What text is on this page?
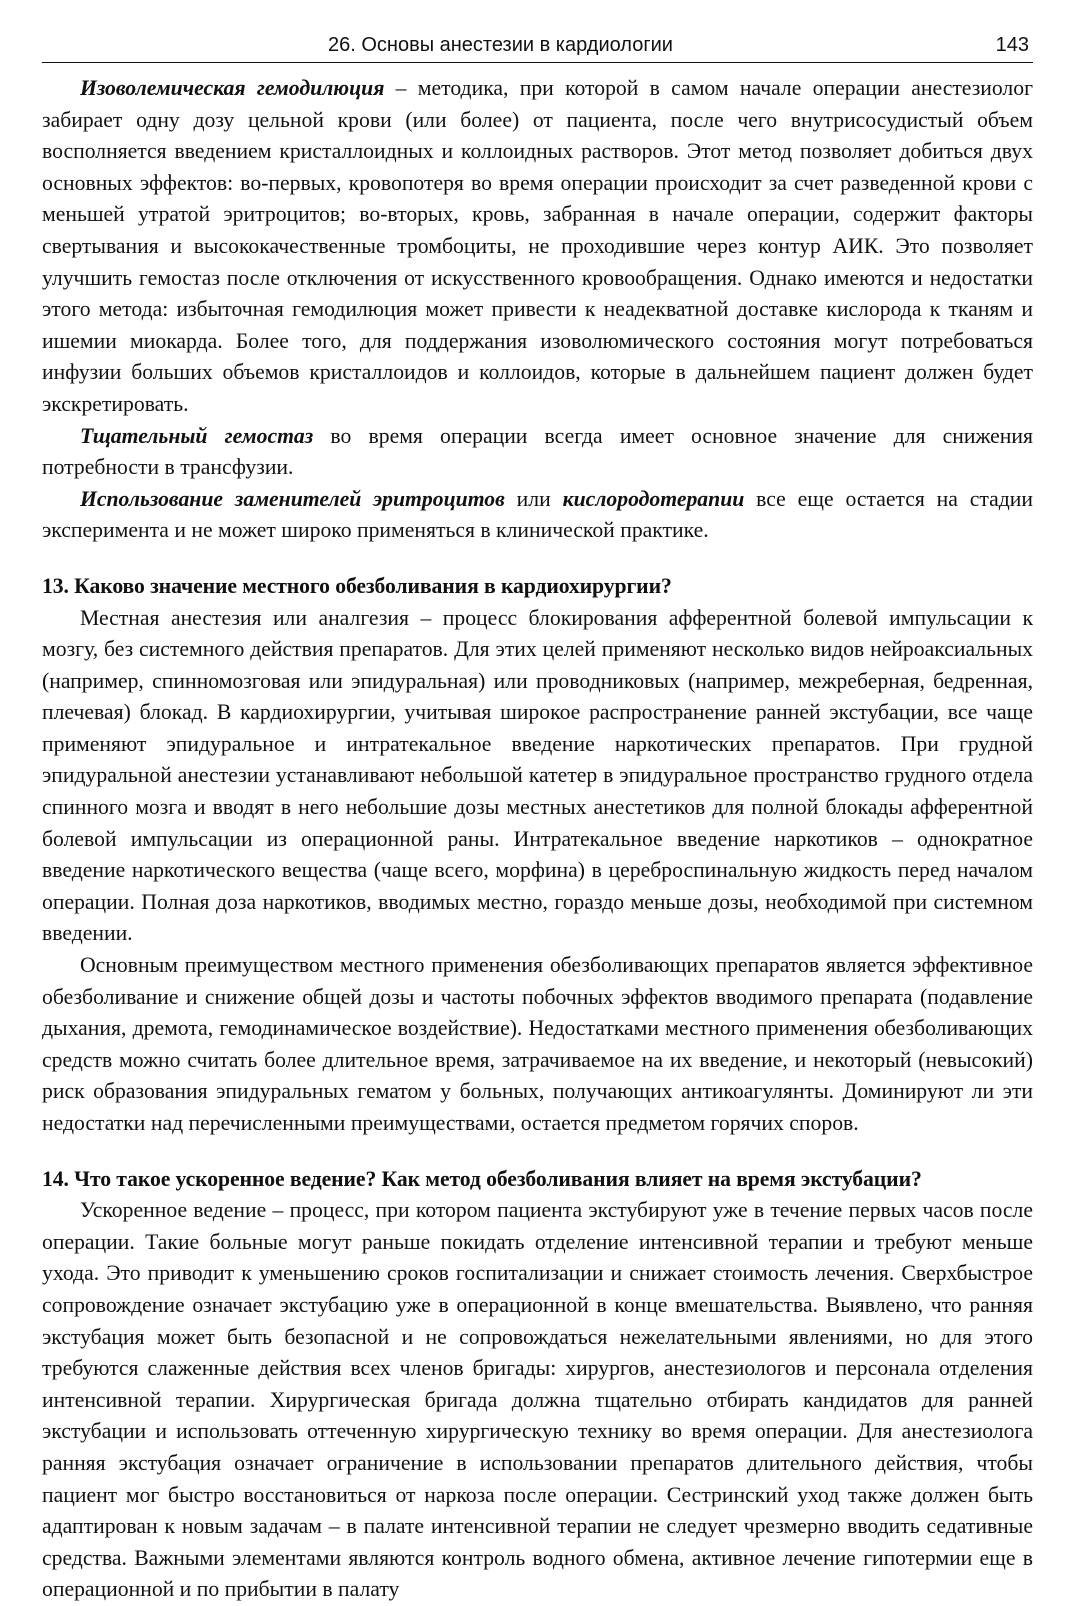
26. Основы анестезии в кардиологии	143

Изоволемическая гемодилюция – методика, при которой в самом начале операции анестезиолог забирает одну дозу цельной крови (или более) от пациента, после чего внутрисосудистый объем восполняется введением кристаллоидных и коллоидных растворов. Этот метод позволяет добиться двух основных эффектов: во-первых, кровопотеря во время операции происходит за счет разведенной крови с меньшей утратой эритроцитов; во-вторых, кровь, забранная в начале операции, содержит факторы свертывания и высококачественные тромбоциты, не проходившие через контур АИК. Это позволяет улучшить гемостаз после отключения от искусственного кровообращения. Однако имеются и недостатки этого метода: избыточная гемодилюция может привести к неадекватной доставке кислорода к тканям и ишемии миокарда. Более того, для поддержания изоволюмического состояния могут потребоваться инфузии больших объемов кристаллоидов и коллоидов, которые в дальнейшем пациент должен будет экскретировать.

Тщательный гемостаз во время операции всегда имеет основное значение для снижения потребности в трансфузии.

Использование заменителей эритроцитов или кислородотерапии все еще остается на стадии эксперимента и не может широко применяться в клинической практике.

13. Каково значение местного обезболивания в кардиохирургии?

Местная анестезия или аналгезия – процесс блокирования афферентной болевой импульсации к мозгу, без системного действия препаратов. Для этих целей применяют несколько видов нейроаксиальных (например, спинномозговая или эпидуральная) или проводниковых (например, межреберная, бедренная, плечевая) блокад. В кардиохирургии, учитывая широкое распространение ранней экстубации, все чаще применяют эпидуральное и интратекальное введение наркотических препаратов. При грудной эпидуральной анестезии устанавливают небольшой катетер в эпидуральное пространство грудного отдела спинного мозга и вводят в него небольшие дозы местных анестетиков для полной блокады афферентной болевой импульсации из операционной раны. Интратекальное введение наркотиков – однократное введение наркотического вещества (чаще всего, морфина) в цереброспинальную жидкость перед началом операции. Полная доза наркотиков, вводимых местно, гораздо меньше дозы, необходимой при системном введении.

Основным преимуществом местного применения обезболивающих препаратов является эффективное обезболивание и снижение общей дозы и частоты побочных эффектов вводимого препарата (подавление дыхания, дремота, гемодинамическое воздействие). Недостатками местного применения обезболивающих средств можно считать более длительное время, затрачиваемое на их введение, и некоторый (невысокий) риск образования эпидуральных гематом у больных, получающих антикоагулянты. Доминируют ли эти недостатки над перечисленными преимуществами, остается предметом горячих споров.

14. Что такое ускоренное ведение? Как метод обезболивания влияет на время экстубации?

Ускоренное ведение – процесс, при котором пациента экстубируют уже в течение первых часов после операции. Такие больные могут раньше покидать отделение интенсивной терапии и требуют меньше ухода. Это приводит к уменьшению сроков госпитализации и снижает стоимость лечения. Сверхбыстрое сопровождение означает экстубацию уже в операционной в конце вмешательства. Выявлено, что ранняя экстубация может быть безопасной и не сопровождаться нежелательными явлениями, но для этого требуются слаженные действия всех членов бригады: хирургов, анестезиологов и персонала отделения интенсивной терапии. Хирургическая бригада должна тщательно отбирать кандидатов для ранней экстубации и использовать оттеченную хирургическую технику во время операции. Для анестезиолога ранняя экстубация означает ограничение в использовании препаратов длительного действия, чтобы пациент мог быстро восстановиться от наркоза после операции. Сестринский уход также должен быть адаптирован к новым задачам – в палате интенсивной терапии не следует чрезмерно вводить седативные средства. Важными элементами являются контроль водного обмена, активное лечение гипотермии еще в операционной и по прибытии в палату
